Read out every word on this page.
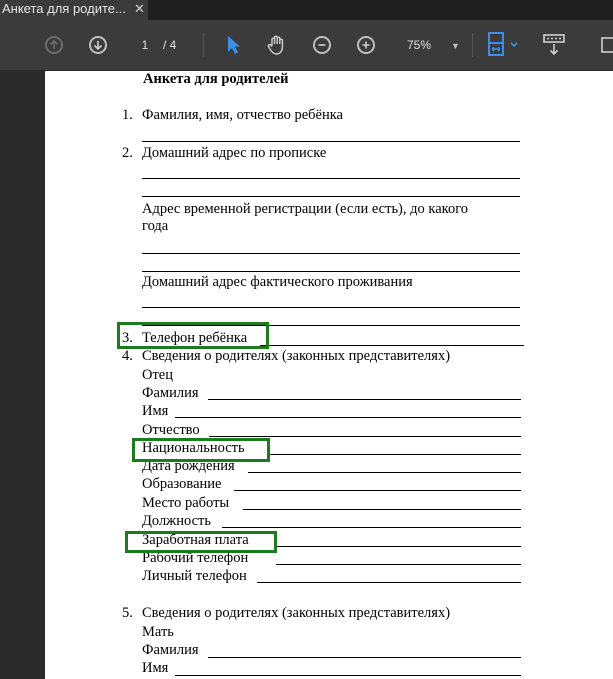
Анкета для родите... ✕
1	/ 4	75% ▼
Анкета для родителей
1. Фамилия, имя, отчество ребёнка
2. Домашний адрес по прописке
Адрес временной регистрации (если есть), до какого
года
Домашний адрес фактического проживания
3. Телефон ребёнка
4. Сведения о родителях (законных представителях)
Отец
Фамилия
Имя
Отчество
Национальность
Дата рождения
Образование
Место работы
Должность
Заработная плата
Рабочий телефон
Личный телефон
5. Сведения о родителях (законных представителях)
Мать
Фамилия
Имя
